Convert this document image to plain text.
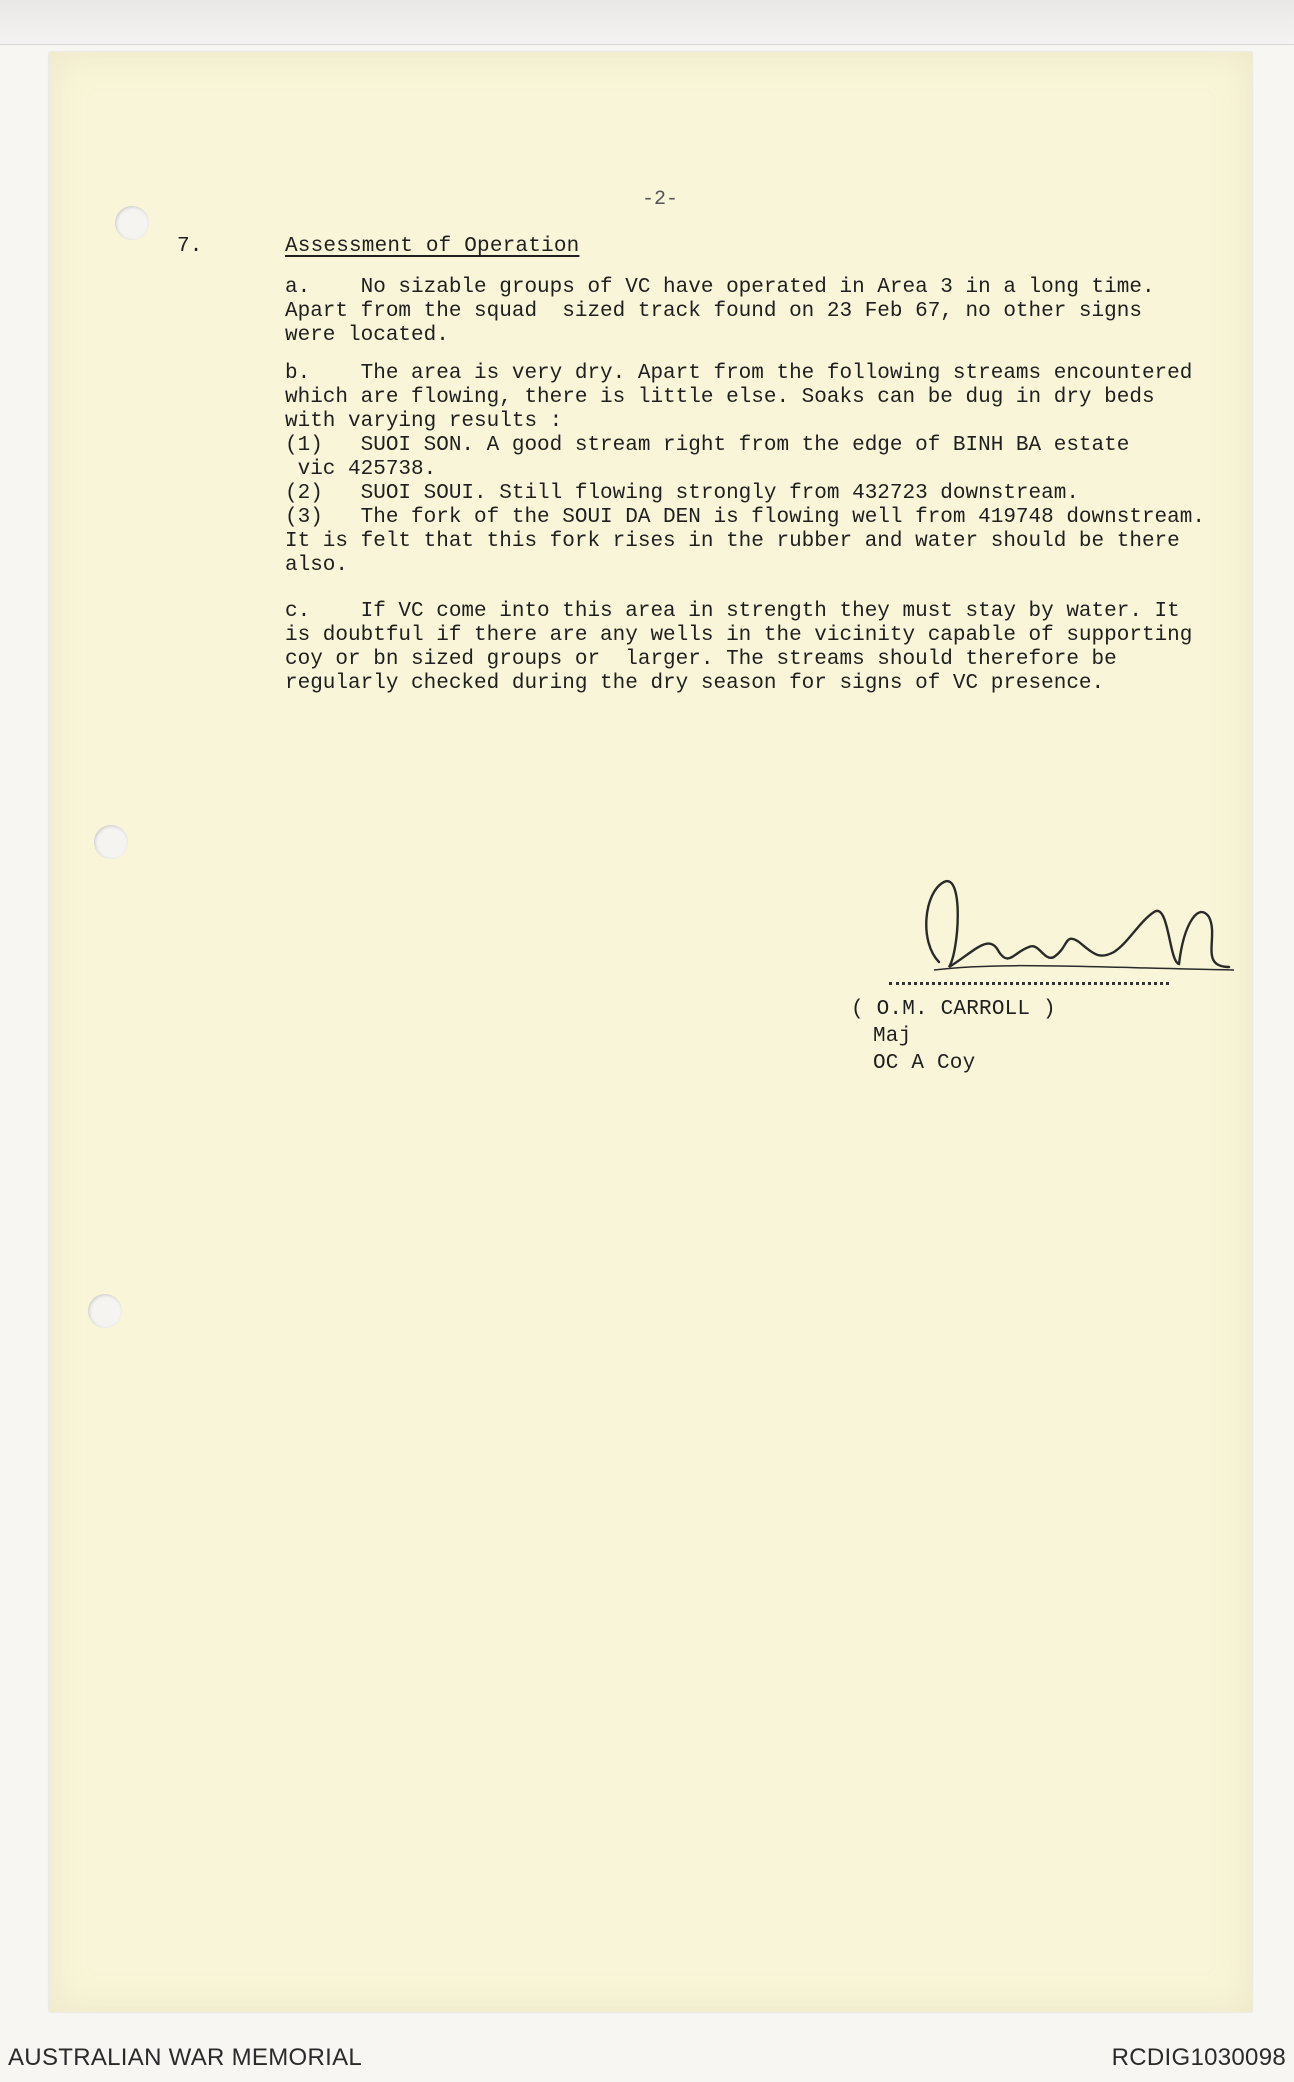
-2-
7.	Assessment of Operation
a.    No sizable groups of VC have operated in Area 3 in a long time.
Apart from the squad  sized track found on 23 Feb 67, no other signs
were located.
b.    The area is very dry. Apart from the following streams encountered
which are flowing, there is little else. Soaks can be dug in dry beds
with varying results :
(1)   SUOI SON. A good stream right from the edge of BINH BA estate
vic 425738.
(2)   SUOI SOUI. Still flowing strongly from 432723 downstream.
(3)   The fork of the SOUI DA DEN is flowing well from 419748 downstream.
It is felt that this fork rises in the rubber and water should be there
also.
c.    If VC come into this area in strength they must stay by water. It
is doubtful if there are any wells in the vicinity capable of supporting
coy or bn sized groups or  larger. The streams should therefore be
regularly checked during the dry season for signs of VC presence.
( O.M. CARROLL )
Maj
OC A Coy
AUSTRALIAN WAR MEMORIAL	RCDIG1030098
